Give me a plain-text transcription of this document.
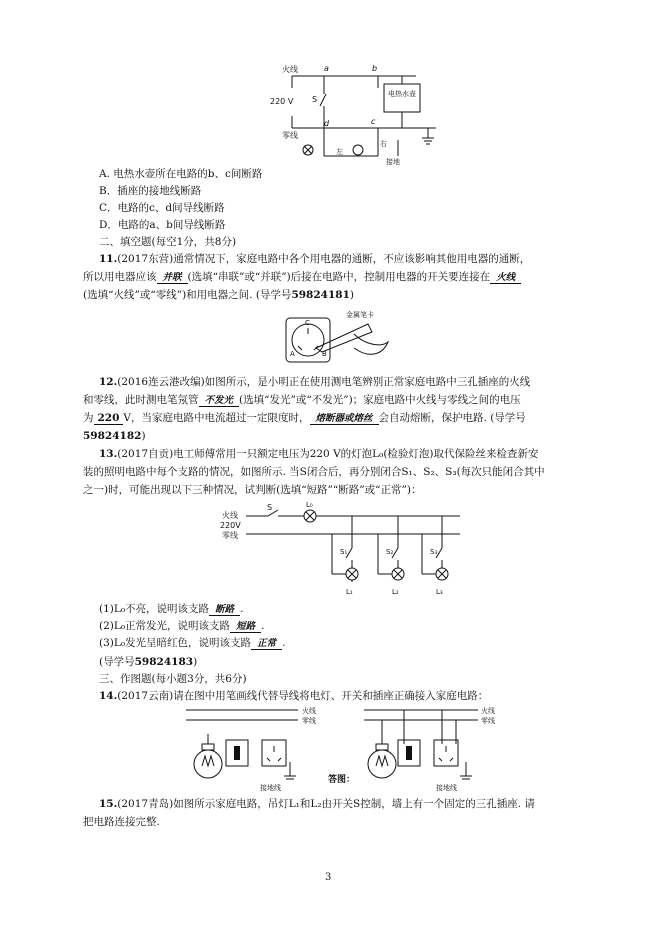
火线
220 V
零线
a	b
d	c
S
电热水壶
左
右
接地
A. 电热水壶所在电路的b、c间断路
B．插座的接地线断路
C．电路的c、d间导线断路
D．电路的a、b间导线断路
二、填空题(每空1分，共8分)
11.(2017东营)通常情况下，家庭电路中各个用电器的通断，不应该影响其他用电器的通断，
所以用电器应该 并联 (选填“串联”或“并联”)后接在电路中，控制用电器的开关要连接在 火线
(选填“火线”或“零线”)和用电器之间. (导学号59824181)
C
A	B
金属笔卡
12.(2016连云港改编)如图所示，是小明正在使用测电笔辨别正常家庭电路中三孔插座的火线
和零线，此时测电笔氖管 不发光 (选填“发光”或“不发光”)；家庭电路中火线与零线之间的电压
为 220 V，当家庭电路中电流超过一定限度时， 熔断器或熔丝 会自动熔断，保护电路. (导学号
59824182)
13.(2017自贡)电工师傅常用一只额定电压为220 V的灯泡L₀(检验灯泡)取代保险丝来检查新安
装的照明电路中每个支路的情况，如图所示. 当S闭合后，再分别闭合S₁、S₂、S₃(每次只能闭合其中
之一)时，可能出现以下三种情况，试判断(选填“短路”“断路”或“正常”)：
火线
220V
零线
S	L₀
S₁
L₁
S₂
L₂
S₃
L₃
(1)L₀不亮，说明该支路 断路 .
(2)L₀正常发光，说明该支路 短路 .
(3)L₀发光呈暗红色，说明该支路 正常 .
(导学号59824183)
三、作图题(每小题3分，共6分)
14.(2017云南)请在图中用笔画线代替导线将电灯、开关和插座正确接入家庭电路：
火线
零线
接地线
答图：
火线
零线
接地线
15.(2017青岛)如图所示家庭电路，吊灯L₁和L₂由开关S控制，墙上有一个固定的三孔插座. 请
把电路连接完整.
3
